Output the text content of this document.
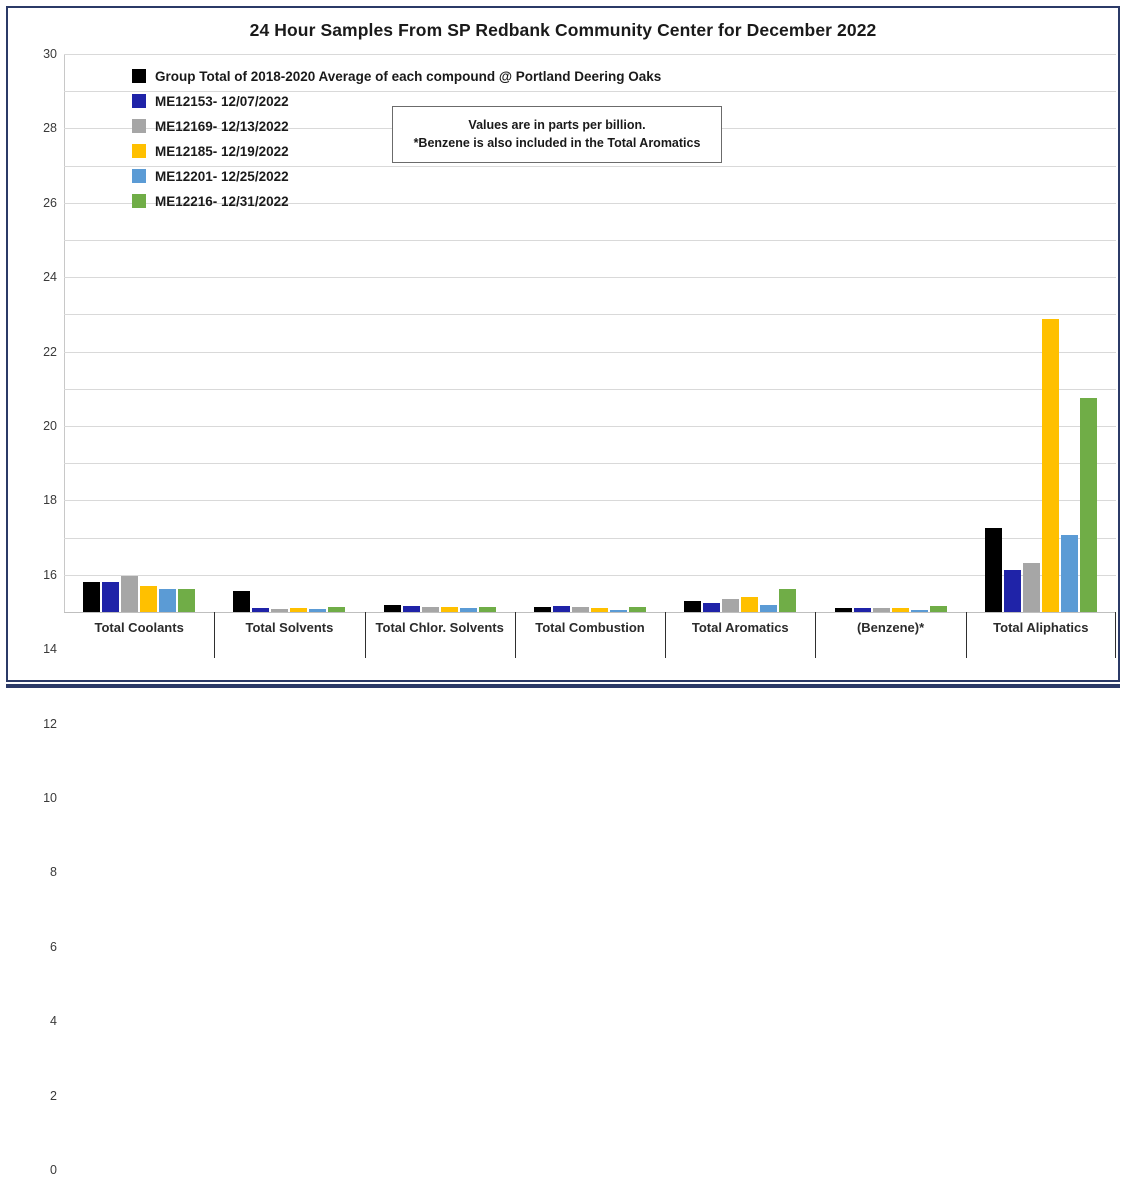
24 Hour Samples From SP Redbank Community Center for December 2022
0
2
4
6
8
10
12
14
16
18
20
22
24
26
28
30
Total Coolants	Total Solvents	Total Chlor. Solvents	Total Combustion	Total Aromatics	(Benzene)*	Total Aliphatics
Group Total of 2018-2020 Average of each compound @ Portland Deering Oaks
ME12153- 12/07/2022
ME12169- 12/13/2022
ME12185- 12/19/2022
ME12201- 12/25/2022
ME12216- 12/31/2022
Values are in parts per billion.
*Benzene is also included in the Total Aromatics
